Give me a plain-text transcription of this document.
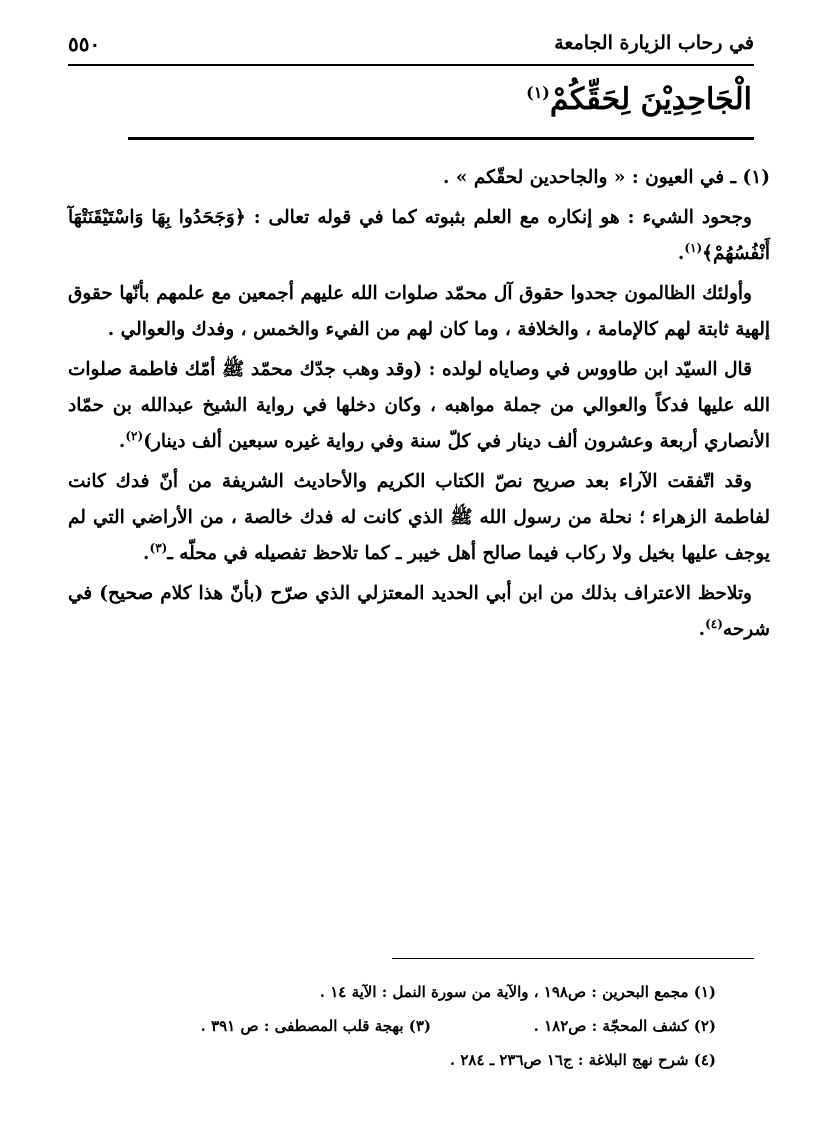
في رحاب الزيارة الجامعة
٥٥٠
الْجَاحِدِيْنَ لِحَقِّكُمْ$^{(١)}$

(١) ـ في العيون : « والجاحدين لحقّكم » .

وجحود الشيء : هو إنكاره مع العلم بثبوته كما في قوله تعالى : ﴿وَجَحَدُوا بِهَا وَاسْتَيْقَنَتْهَآ أَنْفُسُهُمْ﴾$^{(١)}$.

وأولئك الظالمون جحدوا حقوق آل محمّد صلوات الله عليهم أجمعين مع علمهم بأنّها حقوق إلهية ثابتة لهم كالإمامة ، والخلافة ، وما كان لهم من الفيء والخمس ، وفدك والعوالي .

قال السيّد ابن طاووس في وصاياه لولده : (وقد وهب جدّك محمّد ﷺ أمّك فاطمة صلوات الله عليها فدكاً والعوالي من جملة مواهبه ، وكان دخلها في رواية الشيخ عبدالله بن حمّاد الأنصاري أربعة وعشرون ألف دينار في كلّ سنة وفي رواية غيره سبعين ألف دينار)$^{(٢)}$.

وقد اتّفقت الآراء بعد صريح نصّ الكتاب الكريم والأحاديث الشريفة من أنّ فدك كانت لفاطمة الزهراء ؛ نحلة من رسول الله ﷺ الذي كانت له فدك خالصة ، من الأراضي التي لم يوجف عليها بخيل ولا ركاب فيما صالح أهل خيبر ـ كما تلاحظ تفصيله في محلّه ـ$^{(٣)}$.

وتلاحظ الاعتراف بذلك من ابن أبي الحديد المعتزلي الذي صرّح (بأنّ هذا كلام صحيح) في شرحه$^{(٤)}$.

(١) مجمع البحرين : ص١٩٨ ، والآية من سورة النمل : الآية ١٤ .
(٢) كشف المحجّة : ص١٨٢ .
(٣) بهجة قلب المصطفى : ص ٣٩١ .
(٤) شرح نهج البلاغة : ج١٦ ص٢٣٦ ـ ٢٨٤ .
